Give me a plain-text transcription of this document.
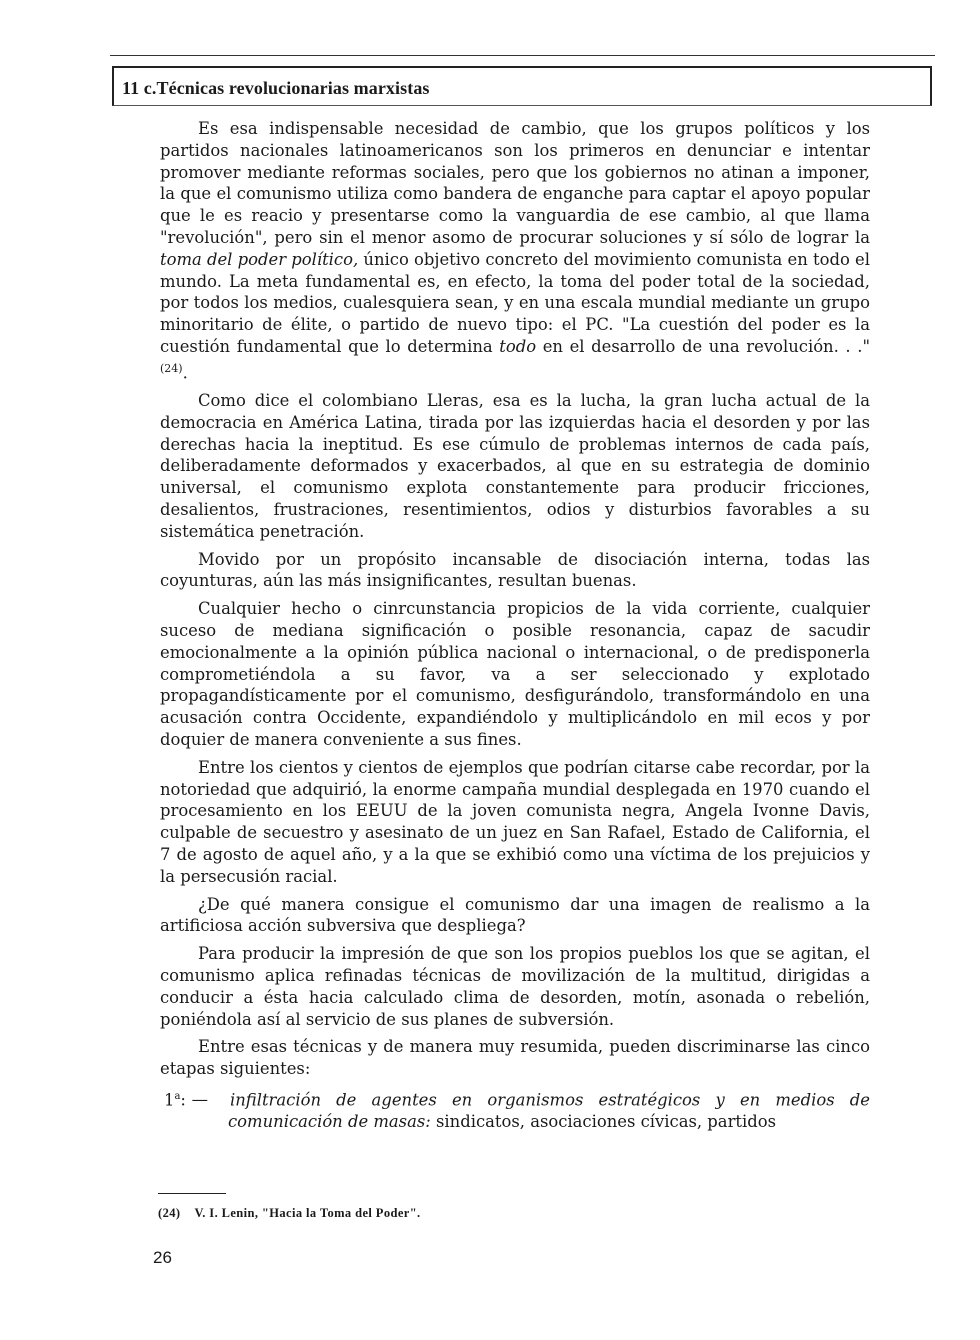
11 c.Técnicas revolucionarias marxistas

Es esa indispensable necesidad de cambio, que los grupos políticos y los partidos nacionales latinoamericanos son los primeros en denunciar e intentar promover mediante reformas sociales, pero que los gobiernos no atinan a imponer, la que el comunismo utiliza como bandera de enganche para captar el apoyo popular que le es reacio y presentarse como la vanguardia de ese cambio, al que llama "revolución", pero sin el menor asomo de procurar soluciones y sí sólo de lograr la toma del poder político, único objetivo concreto del movimiento comunista en todo el mundo. La meta fundamental es, en efecto, la toma del poder total de la sociedad, por todos los medios, cualesquiera sean, y en una escala mundial mediante un grupo minoritario de élite, o partido de nuevo tipo: el PC. "La cuestión del poder es la cuestión fundamental que lo determina todo en el desarrollo de una revolución. . ." $^{(24)}$.

Como dice el colombiano Lleras, esa es la lucha, la gran lucha actual de la democracia en América Latina, tirada por las izquierdas hacia el desorden y por las derechas hacia la ineptitud. Es ese cúmulo de problemas internos de cada país, deliberadamente deformados y exacerbados, al que en su estrategia de dominio universal, el comunismo explota constantemente para producir fricciones, desalientos, frustraciones, resentimientos, odios y disturbios favorables a su sistemática penetración.

Movido por un propósito incansable de disociación interna, todas las coyunturas, aún las más insignificantes, resultan buenas.

Cualquier hecho o cinrcunstancia propicios de la vida corriente, cualquier suceso de mediana significación o posible resonancia, capaz de sacudir emocionalmente a la opinión pública nacional o internacional, o de predisponerla comprometiéndola a su favor, va a ser seleccionado y explotado propagandísticamente por el comunismo, desfigurándolo, transformándolo en una acusación contra Occidente, expandiéndolo y multiplicándolo en mil ecos y por doquier de manera conveniente a sus fines.

Entre los cientos y cientos de ejemplos que podrían citarse cabe recordar, por la notoriedad que adquirió, la enorme campaña mundial desplegada en 1970 cuando el procesamiento en los EEUU de la joven comunista negra, Angela Ivonne Davis, culpable de secuestro y asesinato de un juez en San Rafael, Estado de California, el 7 de agosto de aquel año, y a la que se exhibió como una víctima de los prejuicios y la persecusión racial.

¿De qué manera consigue el comunismo dar una imagen de realismo a la artificiosa acción subversiva que despliega?

Para producir la impresión de que son los propios pueblos los que se agitan, el comunismo aplica refinadas técnicas de movilización de la multitud, dirigidas a conducir a ésta hacia calculado clima de desorden, motín, asonada o rebelión, poniéndola así al servicio de sus planes de subversión.

Entre esas técnicas y de manera muy resumida, pueden discriminarse las cinco etapas siguientes:

—1$^a$:	infiltración de agentes en organismos estratégicos y en medios de comunicación de masas: sindicatos, asociaciones cívicas, partidos

(24) V. I. Lenin, "Hacia la Toma del Poder".
26
